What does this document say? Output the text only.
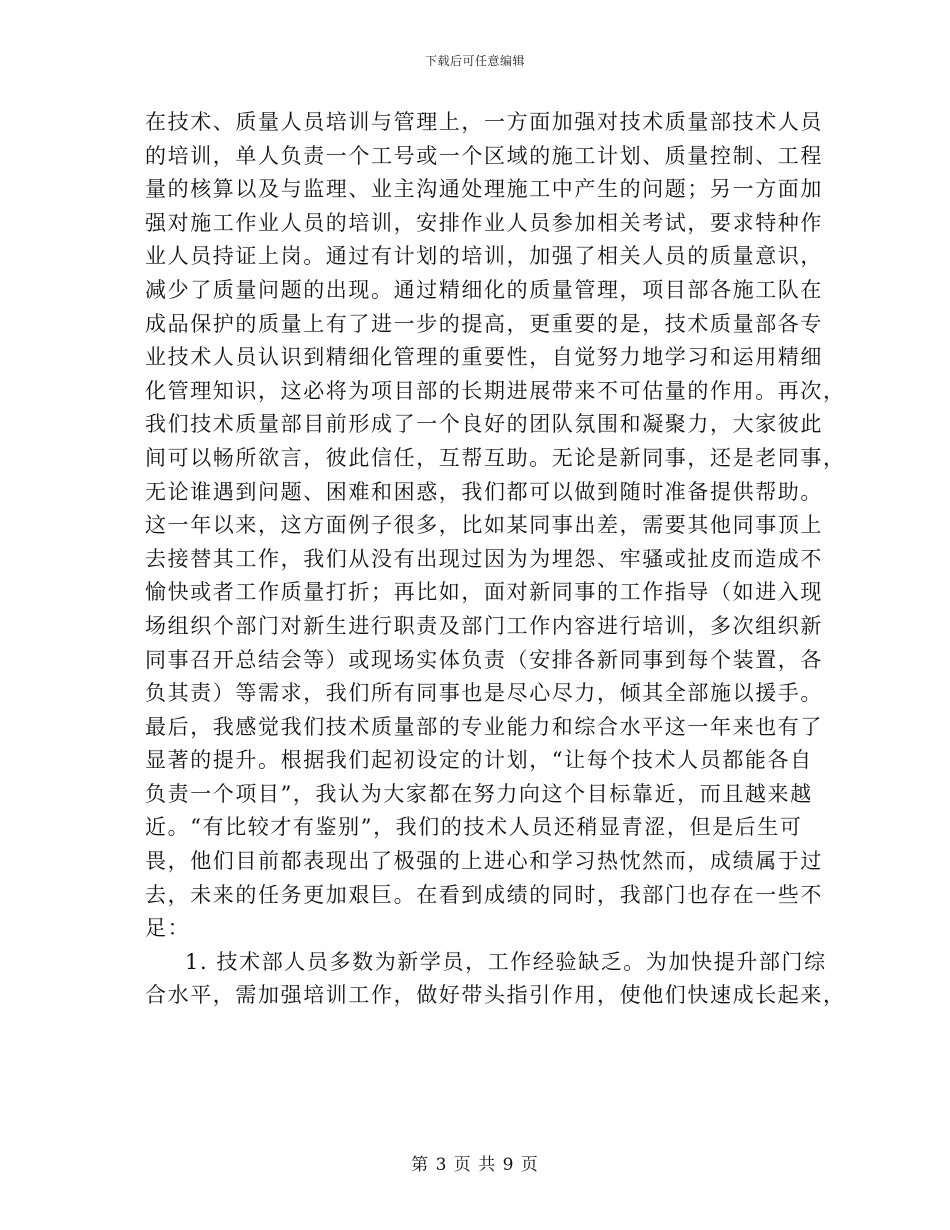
下载后可任意编辑
在技术、质量人员培训与管理上，一方面加强对技术质量部技术人员
的培训，单人负责一个工号或一个区域的施工计划、质量控制、工程
量的核算以及与监理、业主沟通处理施工中产生的问题；另一方面加
强对施工作业人员的培训，安排作业人员参加相关考试，要求特种作
业人员持证上岗。通过有计划的培训，加强了相关人员的质量意识，
减少了质量问题的出现。通过精细化的质量管理，项目部各施工队在
成品保护的质量上有了进一步的提高，更重要的是，技术质量部各专
业技术人员认识到精细化管理的重要性，自觉努力地学习和运用精细
化管理知识，这必将为项目部的长期进展带来不可估量的作用。再次，
我们技术质量部目前形成了一个良好的团队氛围和凝聚力，大家彼此
间可以畅所欲言，彼此信任，互帮互助。无论是新同事，还是老同事，
无论谁遇到问题、困难和困惑，我们都可以做到随时准备提供帮助。
这一年以来，这方面例子很多，比如某同事出差，需要其他同事顶上
去接替其工作，我们从没有出现过因为为埋怨、牢骚或扯皮而造成不
愉快或者工作质量打折；再比如，面对新同事的工作指导（如进入现
场组织个部门对新生进行职责及部门工作内容进行培训，多次组织新
同事召开总结会等）或现场实体负责（安排各新同事到每个装置，各
负其责）等需求，我们所有同事也是尽心尽力，倾其全部施以援手。
最后，我感觉我们技术质量部的专业能力和综合水平这一年来也有了
显著的提升。根据我们起初设定的计划，“让每个技术人员都能各自
负责一个项目”，我认为大家都在努力向这个目标靠近，而且越来越
近。“有比较才有鉴别”，我们的技术人员还稍显青涩，但是后生可
畏，他们目前都表现出了极强的上进心和学习热忱然而，成绩属于过
去，未来的任务更加艰巨。在看到成绩的同时，我部门也存在一些不
足：
1. 技术部人员多数为新学员，工作经验缺乏。为加快提升部门综
合水平，需加强培训工作，做好带头指引作用，使他们快速成长起来，
第 3 页 共 9 页
